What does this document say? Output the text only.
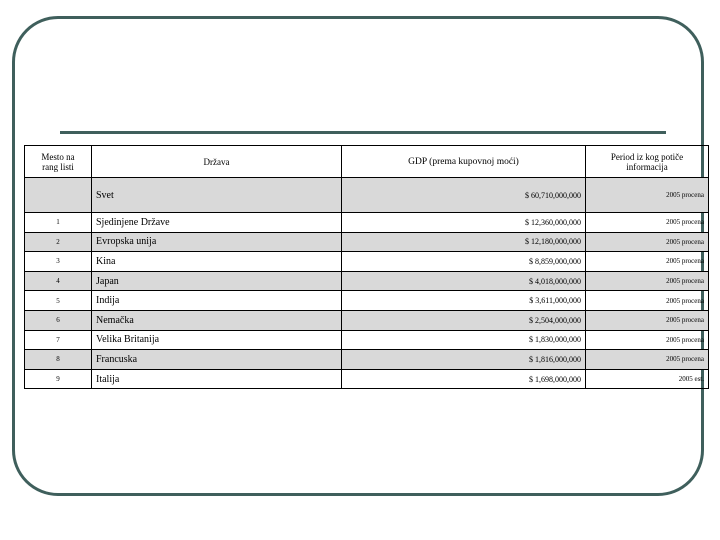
Mesto na rang listi	Država	GDP (prema kupovnoj moći)	Period iz kog potiče informacija
	Svet	$ 60,710,000,000	2005 procena
1	Sjedinjene Države	$ 12,360,000,000	2005 procena
2	Evropska unija	$ 12,180,000,000	2005 procena
3	Kina	$ 8,859,000,000	2005 procena
4	Japan	$ 4,018,000,000	2005 procena
5	Indija	$ 3,611,000,000	2005 procena
6	Nemačka	$ 2,504,000,000	2005 procena
7	Velika Britanija	$ 1,830,000,000	2005 procena
8	Francuska	$ 1,816,000,000	2005 procena
9	Italija	$ 1,698,000,000	2005 est.
